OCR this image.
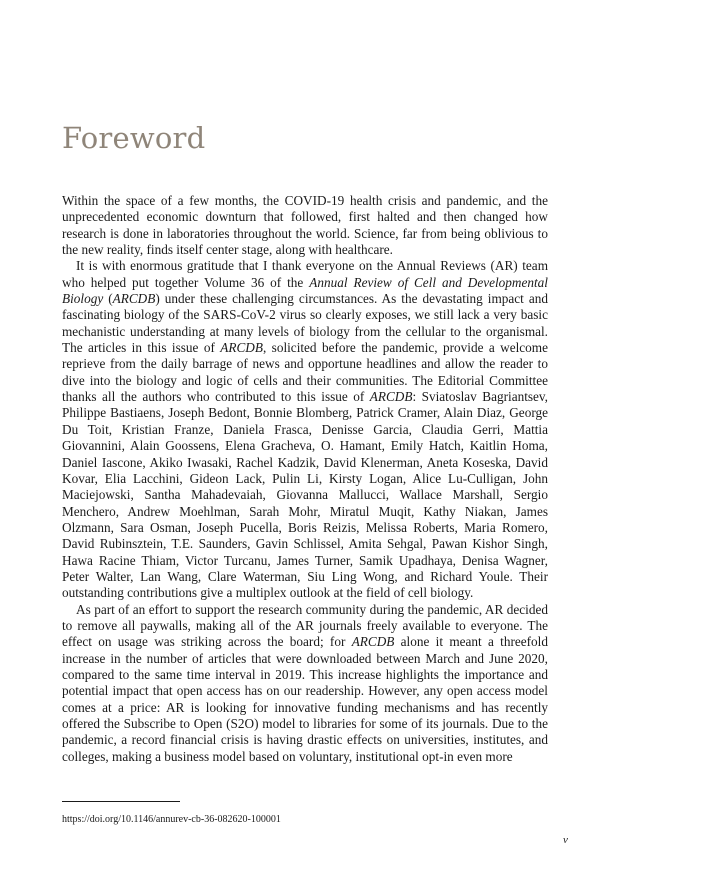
Foreword

Within the space of a few months, the COVID-19 health crisis and pandemic, and the unprecedented economic downturn that followed, first halted and then changed how research is done in laboratories throughout the world. Science, far from being oblivious to the new reality, finds itself center stage, along with healthcare.

It is with enormous gratitude that I thank everyone on the Annual Reviews (AR) team who helped put together Volume 36 of the Annual Review of Cell and Developmental Biology (ARCDB) under these challenging circumstances. As the devastating impact and fascinating biology of the SARS-CoV-2 virus so clearly exposes, we still lack a very basic mechanistic understanding at many levels of biology from the cellular to the organismal. The articles in this issue of ARCDB, solicited before the pandemic, provide a welcome reprieve from the daily barrage of news and opportune headlines and allow the reader to dive into the biology and logic of cells and their communities. The Editorial Committee thanks all the authors who contributed to this issue of ARCDB: Sviatoslav Bagriantsev, Philippe Bastiaens, Joseph Bedont, Bonnie Blomberg, Patrick Cramer, Alain Diaz, George Du Toit, Kristian Franze, Daniela Frasca, Denisse Garcia, Claudia Gerri, Mattia Giovannini, Alain Goossens, Elena Gracheva, O. Hamant, Emily Hatch, Kaitlin Homa, Daniel Iascone, Akiko Iwasaki, Rachel Kadzik, David Klenerman, Aneta Koseska, David Kovar, Elia Lacchini, Gideon Lack, Pulin Li, Kirsty Logan, Alice Lu-Culligan, John Maciejowski, Santha Mahadevaiah, Giovanna Mallucci, Wallace Marshall, Sergio Menchero, Andrew Moehlman, Sarah Mohr, Miratul Muqit, Kathy Niakan, James Olzmann, Sara Osman, Joseph Pucella, Boris Reizis, Melissa Roberts, Maria Romero, David Rubinsztein, T.E. Saunders, Gavin Schlissel, Amita Sehgal, Pawan Kishor Singh, Hawa Racine Thiam, Victor Turcanu, James Turner, Samik Upadhaya, Denisa Wagner, Peter Walter, Lan Wang, Clare Waterman, Siu Ling Wong, and Richard Youle. Their outstanding contributions give a multiplex outlook at the field of cell biology.

As part of an effort to support the research community during the pandemic, AR decided to remove all paywalls, making all of the AR journals freely available to everyone. The effect on usage was striking across the board; for ARCDB alone it meant a threefold increase in the number of articles that were downloaded between March and June 2020, compared to the same time interval in 2019. This increase highlights the importance and potential impact that open access has on our readership. However, any open access model comes at a price: AR is looking for innovative funding mechanisms and has recently offered the Subscribe to Open (S2O) model to libraries for some of its journals. Due to the pandemic, a record financial crisis is having drastic effects on universities, institutes, and colleges, making a business model based on voluntary, institutional opt-in even more

https://doi.org/10.1146/annurev-cb-36-082620-100001
v
